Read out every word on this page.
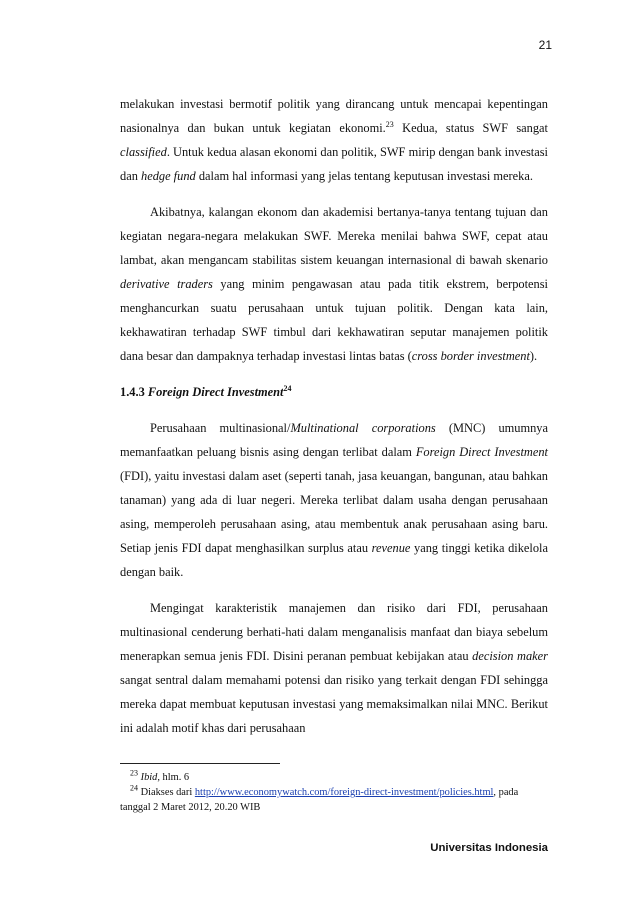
21

melakukan investasi bermotif politik yang dirancang untuk mencapai kepentingan nasionalnya dan bukan untuk kegiatan ekonomi.$^{23}$ Kedua, status SWF sangat classified. Untuk kedua alasan ekonomi dan politik, SWF mirip dengan bank investasi dan hedge fund dalam hal informasi yang jelas tentang keputusan investasi mereka.

Akibatnya, kalangan ekonom dan akademisi bertanya-tanya tentang tujuan dan kegiatan negara-negara melakukan SWF. Mereka menilai bahwa SWF, cepat atau lambat, akan mengancam stabilitas sistem keuangan internasional di bawah skenario derivative traders yang minim pengawasan atau pada titik ekstrem, berpotensi menghancurkan suatu perusahaan untuk tujuan politik. Dengan kata lain, kekhawatiran terhadap SWF timbul dari kekhawatiran seputar manajemen politik dana besar dan dampaknya terhadap investasi lintas batas (cross border investment).

1.4.3 Foreign Direct Investment$^{24}$

Perusahaan multinasional/Multinational corporations (MNC) umumnya memanfaatkan peluang bisnis asing dengan terlibat dalam Foreign Direct Investment (FDI), yaitu investasi dalam aset (seperti tanah, jasa keuangan, bangunan, atau bahkan tanaman) yang ada di luar negeri. Mereka terlibat dalam usaha dengan perusahaan asing, memperoleh perusahaan asing, atau membentuk anak perusahaan asing baru. Setiap jenis FDI dapat menghasilkan surplus atau revenue yang tinggi ketika dikelola dengan baik.

Mengingat karakteristik manajemen dan risiko dari FDI, perusahaan multinasional cenderung berhati-hati dalam menganalisis manfaat dan biaya sebelum menerapkan semua jenis FDI. Disini peranan pembuat kebijakan atau decision maker sangat sentral dalam memahami potensi dan risiko yang terkait dengan FDI sehingga mereka dapat membuat keputusan investasi yang memaksimalkan nilai MNC. Berikut ini adalah motif khas dari perusahaan

$^{23}$ Ibid, hlm. 6
$^{24}$ Diakses dari http://www.economywatch.com/foreign-direct-investment/policies.html, pada tanggal 2 Maret 2012, 20.20 WIB
Universitas Indonesia
